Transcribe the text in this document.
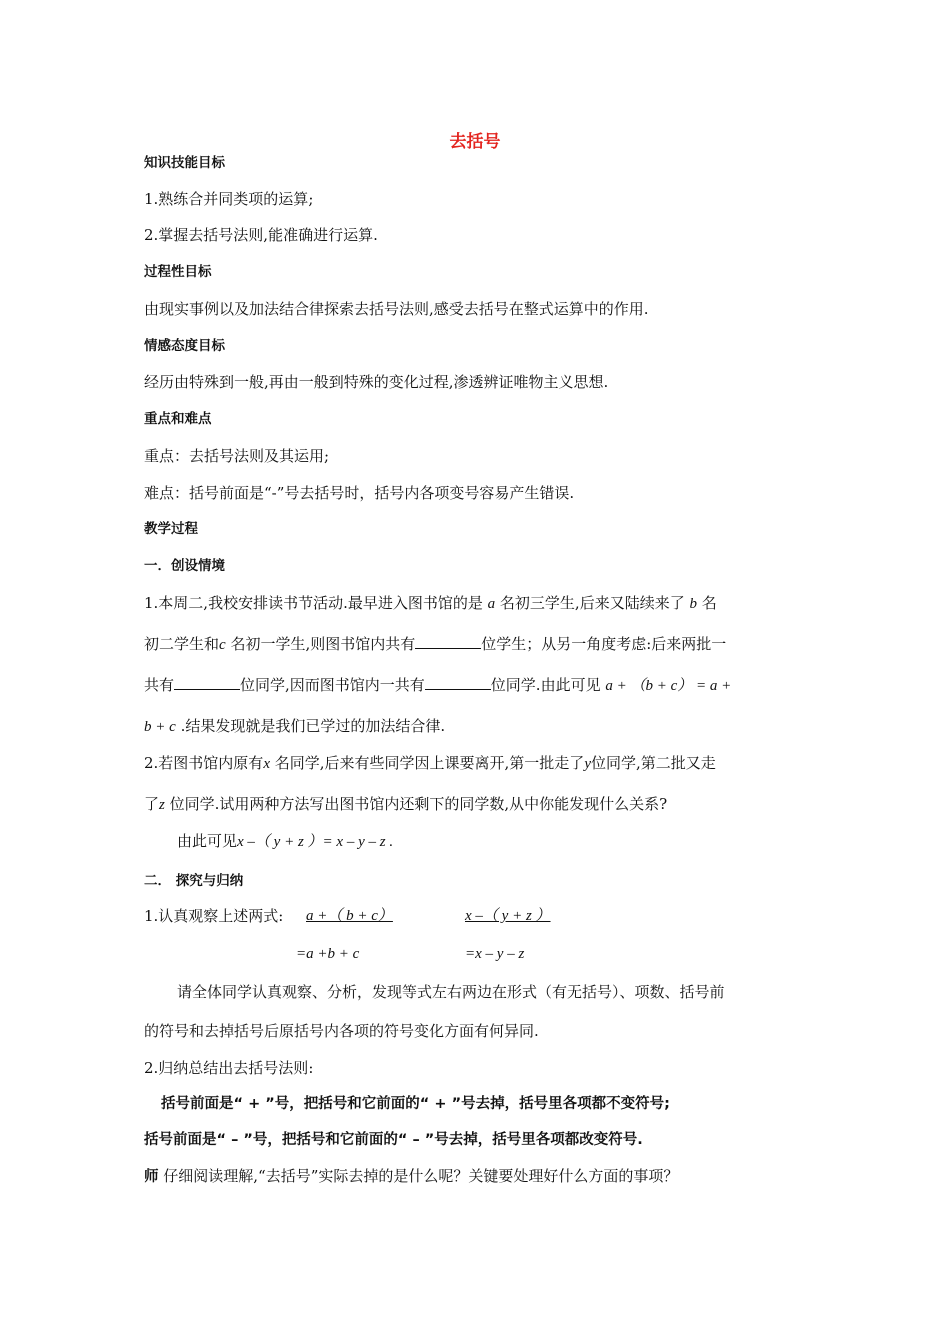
去括号
知识技能目标
1.熟练合并同类项的运算;
2.掌握去括号法则,能准确进行运算.
过程性目标
由现实事例以及加法结合律探索去括号法则,感受去括号在整式运算中的作用.
情感态度目标
经历由特殊到一般,再由一般到特殊的变化过程,渗透辨证唯物主义思想.
重点和难点
重点：去括号法则及其运用;
难点：括号前面是“-”号去括号时，括号内各项变号容易产生错误.
教学过程
一．创设情境
1.本周二,我校安排读书节活动.最早进入图书馆的是 a 名初三学生,后来又陆续来了 b 名
初二学生和c 名初一学生,则图书馆内共有	位学生；从另一角度考虑:后来两批一
共有	位同学,因而图书馆内一共有	位同学.由此可见 a + （b + c） = a +
b + c .结果发现就是我们已学过的加法结合律.
2.若图书馆内原有x 名同学,后来有些同学因上课要离开,第一批走了y位同学,第二批又走
了z 位同学.试用两种方法写出图书馆内还剩下的同学数,从中你能发现什么关系?
由此可见x –（ y + z ）= x – y – z .
二． 探究与归纳
1.认真观察上述两式: a +（ b + c）	x –（ y + z ）
=a +b + c	=x – y – z
请全体同学认真观察、分析，发现等式左右两边在形式（有无括号）、项数、括号前
的符号和去掉括号后原括号内各项的符号变化方面有何异同.
2.归纳总结出去括号法则:
括号前面是“ + ”号，把括号和它前面的“ + ”号去掉，括号里各项都不变符号;
括号前面是“ – ”号，把括号和它前面的“ – ”号去掉，括号里各项都改变符号.
师 仔细阅读理解,“去括号”实际去掉的是什么呢？关键要处理好什么方面的事项？
